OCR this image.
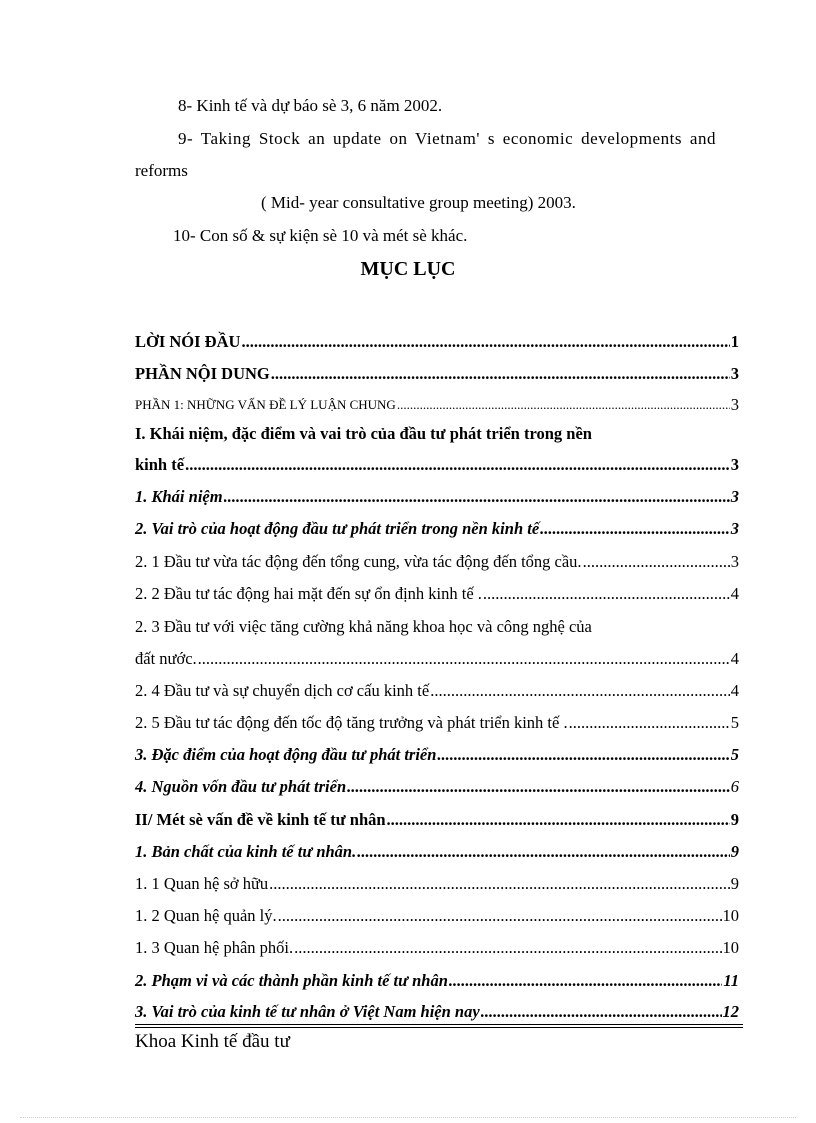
8- Kinh tế và dự báo sè 3, 6 năm 2002.
9- Taking Stock an update on Vietnam' s economic developments and
reforms
( Mid- year consultative group meeting) 2003.
10- Con số & sự kiện sè 10 và mét sè khác.
MỤC LỤC
LỜI NÓI ĐẦU .....	1
PHẦN NỘI DUNG .....	3
PHẦN 1: NHỮNG VẤN ĐỀ LÝ LUẬN CHUNG .....	3
I. Khái niệm, đặc điểm và vai trò của đầu tư phát triển trong nền
kinh tế .....	3
1. Khái niệm .....	3
2. Vai trò của hoạt động đầu tư phát triển trong nền kinh tế .....	3
2. 1 Đầu tư vừa tác động đến tổng cung, vừa tác động đến tổng cầu. .....	3
2. 2 Đầu tư tác động hai mặt đến sự ổn định kinh tế . .....	4
2. 3 Đầu tư với việc tăng cường khả năng khoa học và công nghệ của
đất nước. .....	4
2. 4 Đầu tư và sự chuyển dịch cơ cấu kinh tế .....	4
2. 5 Đầu tư tác động đến tốc độ tăng trưởng và phát triển kinh tế . .....	5
3. Đặc điểm của hoạt động đầu tư phát triển .....	5
4. Nguồn vốn đầu tư phát triển .....	6
II/ Mét sè vấn đề về kinh tế tư nhân .....	9
1. Bản chất của kinh tế tư nhân. .....	9
1. 1 Quan hệ sở hữu .....	9
1. 2 Quan hệ quản lý. .....	10
1. 3 Quan hệ phân phối. .....	10
2. Phạm vi và các thành phần kinh tế tư nhân .....	11
3. Vai trò của kinh tế tư nhân ở Việt Nam hiện nay .....	12
Khoa Kinh tế đầu tư
